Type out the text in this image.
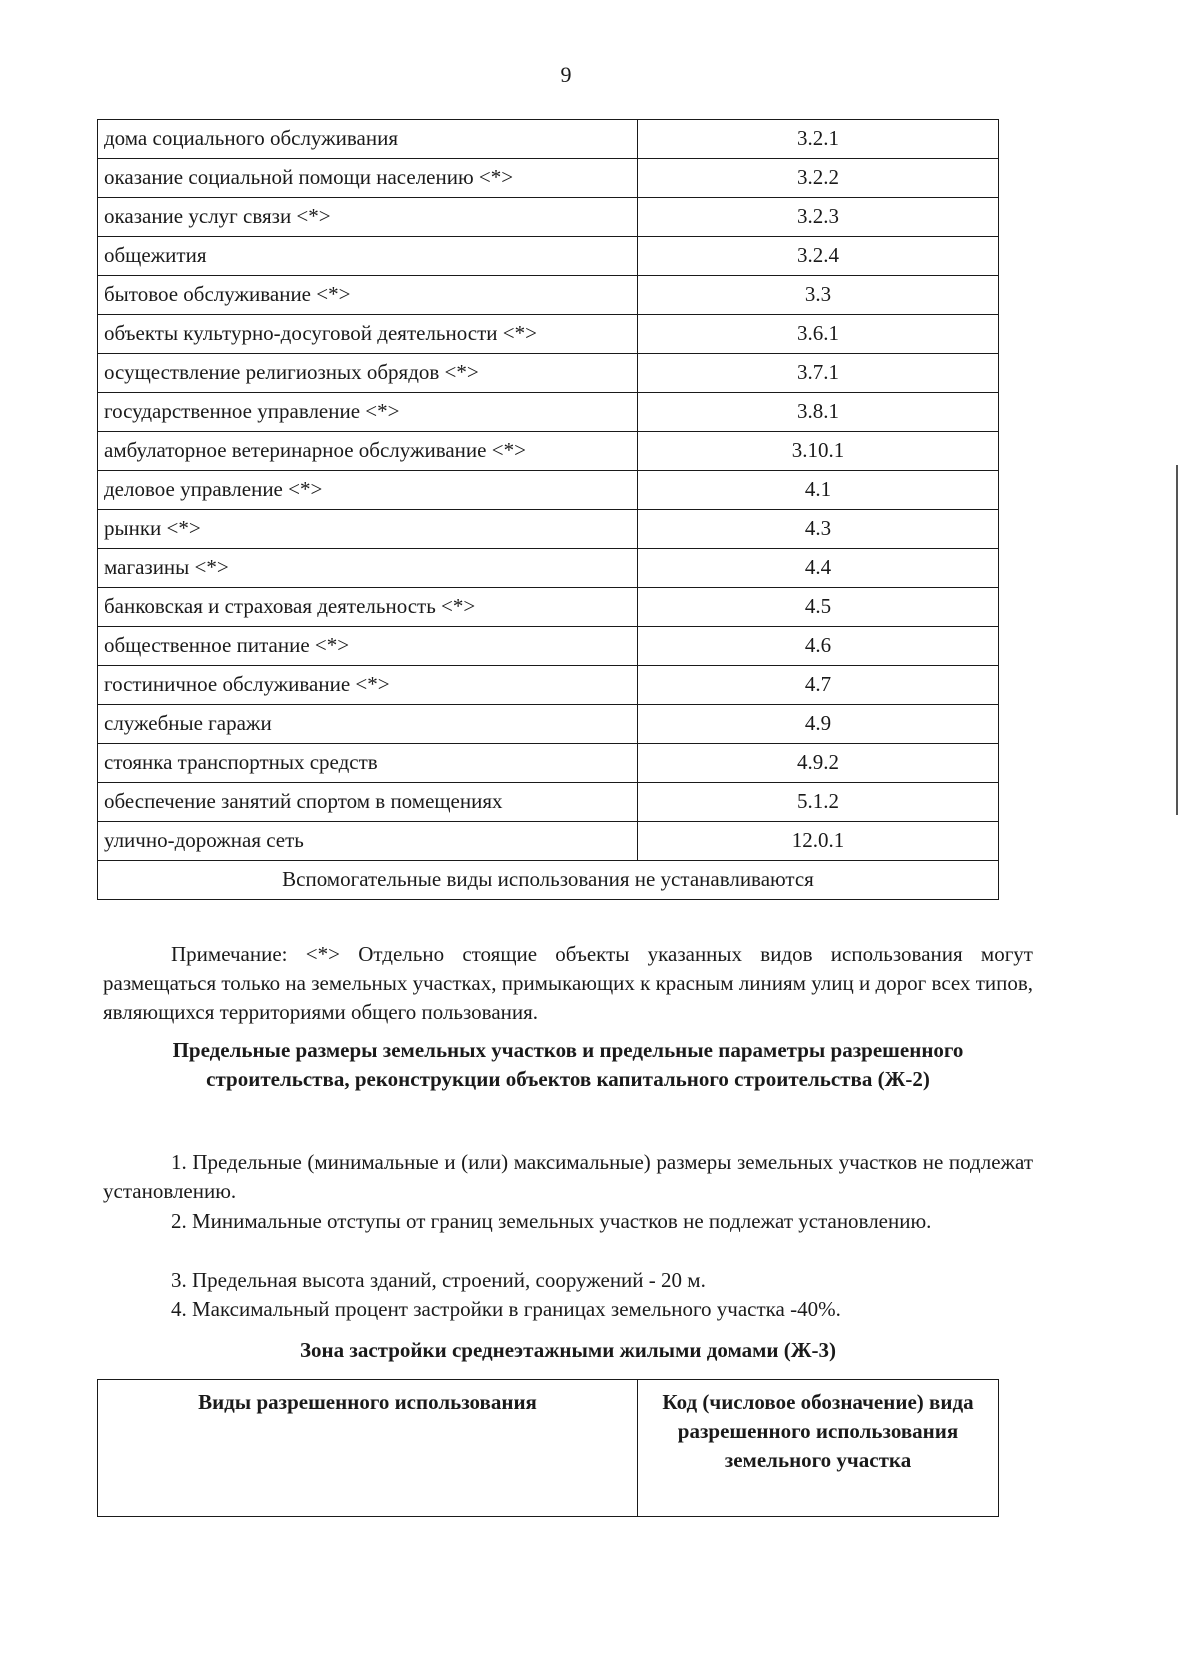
9
дома социального обслуживания	3.2.1
оказание социальной помощи населению <*>	3.2.2
оказание услуг связи <*>	3.2.3
общежития	3.2.4
бытовое обслуживание <*>	3.3
объекты культурно-досуговой деятельности <*>	3.6.1
осуществление религиозных обрядов <*>	3.7.1
государственное управление <*>	3.8.1
амбулаторное ветеринарное обслуживание <*>	3.10.1
деловое управление <*>	4.1
рынки <*>	4.3
магазины <*>	4.4
банковская и страховая деятельность <*>	4.5
общественное питание <*>	4.6
гостиничное обслуживание <*>	4.7
служебные гаражи	4.9
стоянка транспортных средств	4.9.2
обеспечение занятий спортом в помещениях	5.1.2
улично-дорожная сеть	12.0.1
Вспомогательные виды использования не устанавливаются	
Примечание: <*> Отдельно стоящие объекты указанных видов использования могут размещаться только на земельных участках, примыкающих к красным линиям улиц и дорог всех типов, являющихся территориями общего пользования.
Предельные размеры земельных участков и предельные параметры разрешенного строительства, реконструкции объектов капитального строительства (Ж-2)
1. Предельные (минимальные и (или) максимальные) размеры земельных участков не подлежат установлению.
2. Минимальные отступы от границ земельных участков не подлежат установлению.
3. Предельная высота зданий, строений, сооружений - 20 м.
4. Максимальный процент застройки в границах земельного участка -40%.
Зона застройки среднеэтажными жилыми домами (Ж-3)
Виды разрешенного использования	Код (числовое обозначение) вида разрешенного использования земельного участка
